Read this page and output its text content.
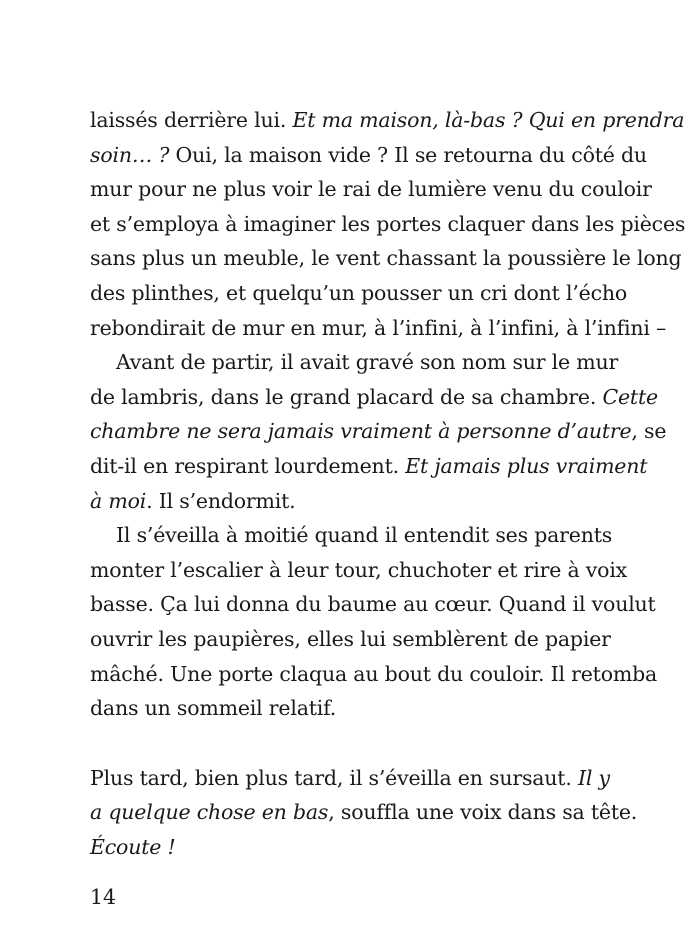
laissés derrière lui. Et ma maison, là-bas ? Qui en prendra
soin… ? Oui, la maison vide ? Il se retourna du côté du
mur pour ne plus voir le rai de lumière venu du couloir
et s’employa à imaginer les portes claquer dans les pièces
sans plus un meuble, le vent chassant la poussière le long
des plinthes, et quelqu’un pousser un cri dont l’écho
rebondirait de mur en mur, à l’infini, à l’infini, à l’infini –

Avant de partir, il avait gravé son nom sur le mur
de lambris, dans le grand placard de sa chambre. Cette
chambre ne sera jamais vraiment à personne d’autre, se
dit-il en respirant lourdement. Et jamais plus vraiment
à moi. Il s’endormit.

Il s’éveilla à moitié quand il entendit ses parents
monter l’escalier à leur tour, chuchoter et rire à voix
basse. Ça lui donna du baume au cœur. Quand il voulut
ouvrir les paupières, elles lui semblèrent de papier
mâché. Une porte claqua au bout du couloir. Il retomba
dans un sommeil relatif.

Plus tard, bien plus tard, il s’éveilla en sursaut. Il y
a quelque chose en bas, souffla une voix dans sa tête.
Écoute !

14
